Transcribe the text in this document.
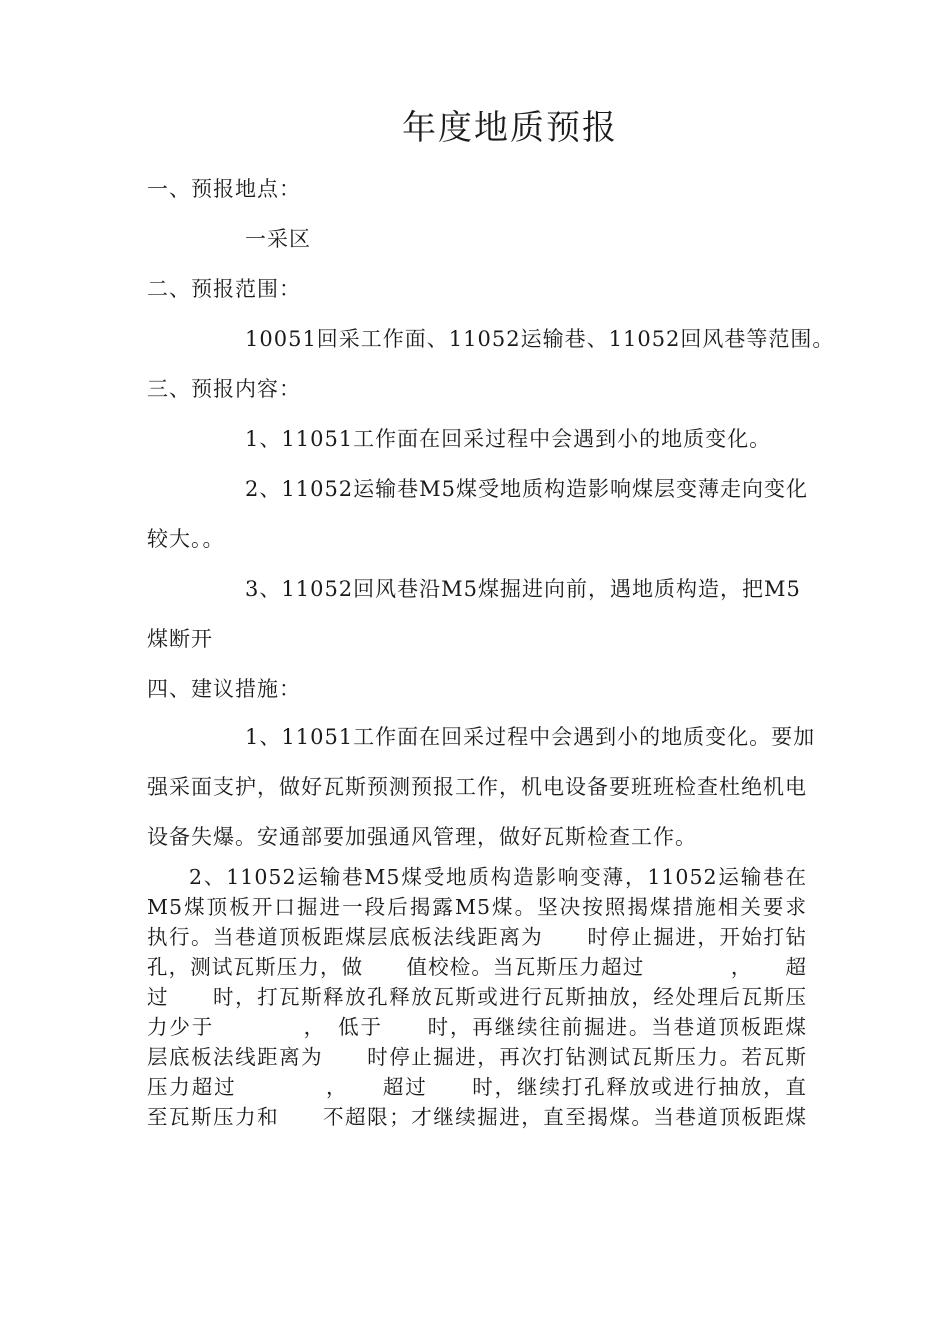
年度地质预报
一、预报地点：
一采区
二、预报范围：
10051回采工作面、11052运输巷、11052回风巷等范围。
三、预报内容：
1、11051工作面在回采过程中会遇到小的地质变化。
2、11052运输巷M5煤受地质构造影响煤层变薄走向变化
较大。。
3、11052回风巷沿M5煤掘进向前，遇地质构造，把M5
煤断开
四、建议措施：
1、11051工作面在回采过程中会遇到小的地质变化。要加
强采面支护，做好瓦斯预测预报工作，机电设备要班班检查杜绝机电
设备失爆。安通部要加强通风管理，做好瓦斯检查工作。
2、11052运输巷M5煤受地质构造影响变薄，11052运输巷在
M5煤顶板开口掘进一段后揭露M5煤。坚决按照揭煤措施相关要求
执行。当巷道顶板距煤层底板法线距离为　　时停止掘进，开始打钻
孔，测试瓦斯压力，做　　值校检。当瓦斯压力超过　　　　，　　超
过　　时，打瓦斯释放孔释放瓦斯或进行瓦斯抽放，经处理后瓦斯压
力少于　　　　，　低于　　时，再继续往前掘进。当巷道顶板距煤
层底板法线距离为　　时停止掘进，再次打钻测试瓦斯压力。若瓦斯
压力超过　　　　，　　超过　　时，继续打孔释放或进行抽放，直
至瓦斯压力和　　不超限；才继续掘进，直至揭煤。当巷道顶板距煤
